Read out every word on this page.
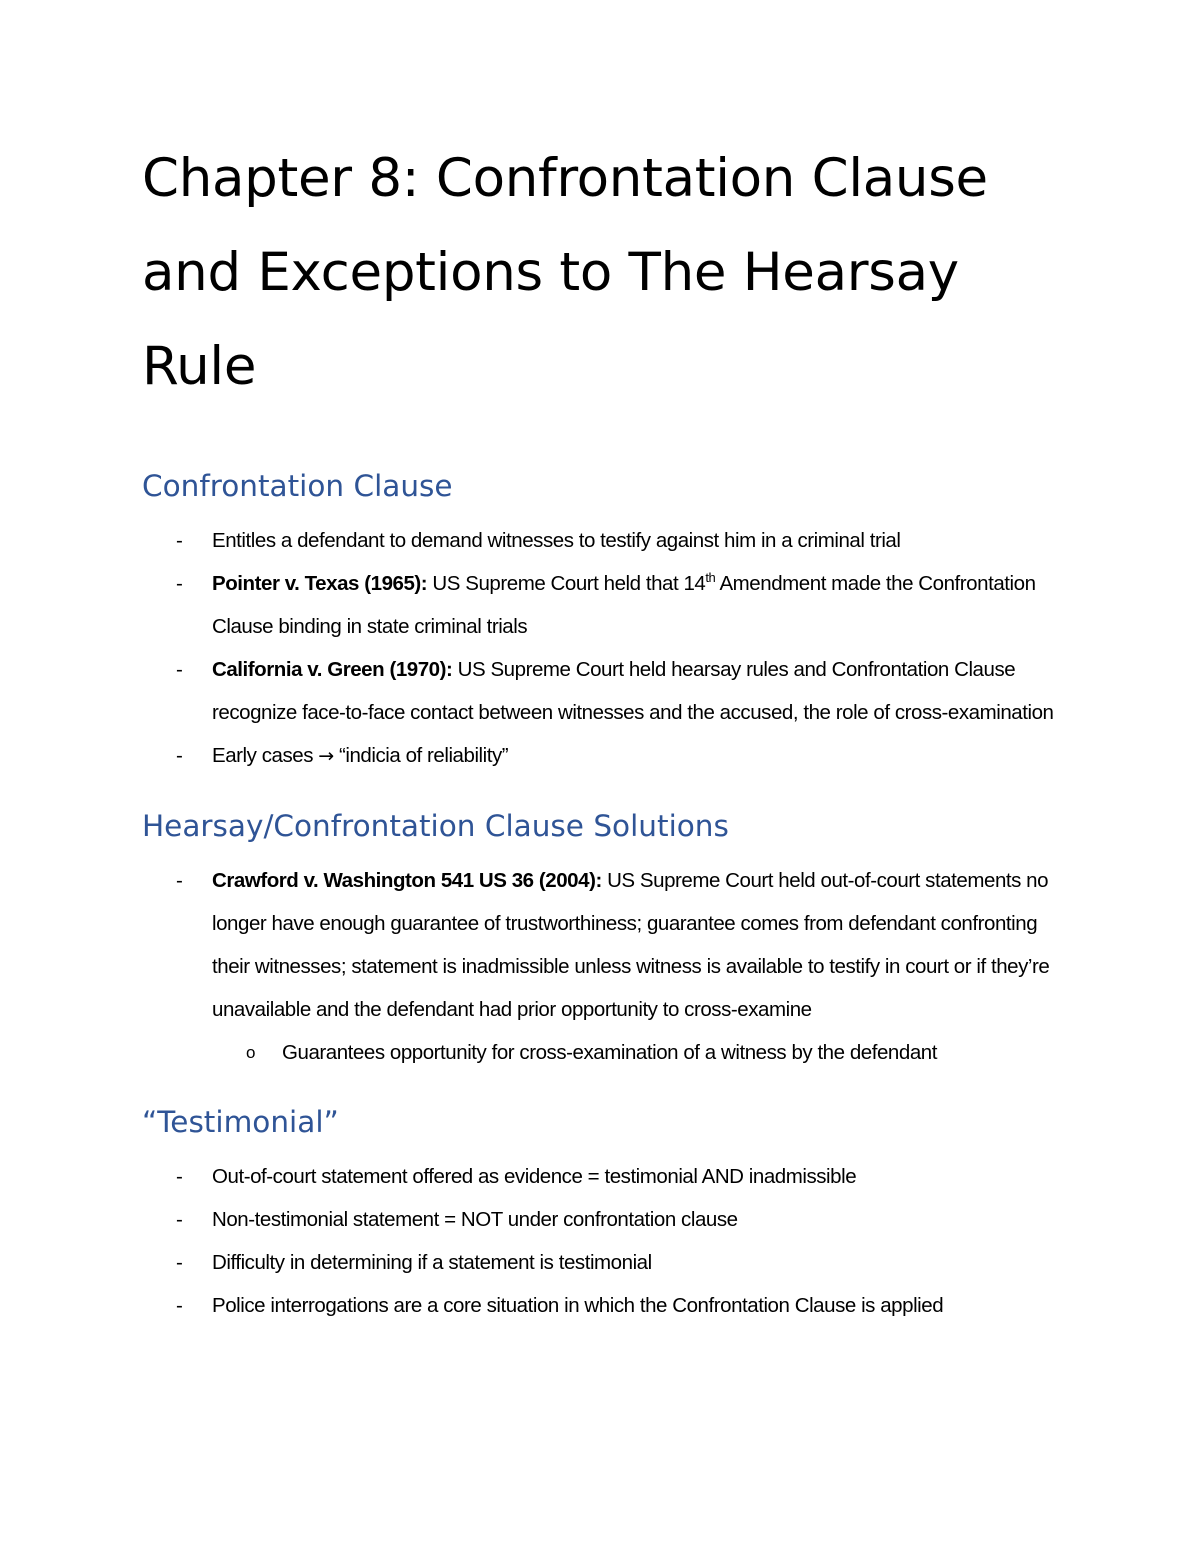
Chapter 8: Confrontation Clause
and Exceptions to The Hearsay
Rule
Confrontation Clause
- Entitles a defendant to demand witnesses to testify against him in a criminal trial
- Pointer v. Texas (1965): US Supreme Court held that 14th Amendment made the Confrontation Clause binding in state criminal trials
- California v. Green (1970): US Supreme Court held hearsay rules and Confrontation Clause recognize face-to-face contact between witnesses and the accused, the role of cross-examination
- Early cases → “indicia of reliability”
Hearsay/Confrontation Clause Solutions
- Crawford v. Washington 541 US 36 (2004): US Supreme Court held out-of-court statements no longer have enough guarantee of trustworthiness; guarantee comes from defendant confronting their witnesses; statement is inadmissible unless witness is available to testify in court or if they’re unavailable and the defendant had prior opportunity to cross-examine
o Guarantees opportunity for cross-examination of a witness by the defendant
“Testimonial”
- Out-of-court statement offered as evidence = testimonial AND inadmissible
- Non-testimonial statement = NOT under confrontation clause
- Difficulty in determining if a statement is testimonial
- Police interrogations are a core situation in which the Confrontation Clause is applied
